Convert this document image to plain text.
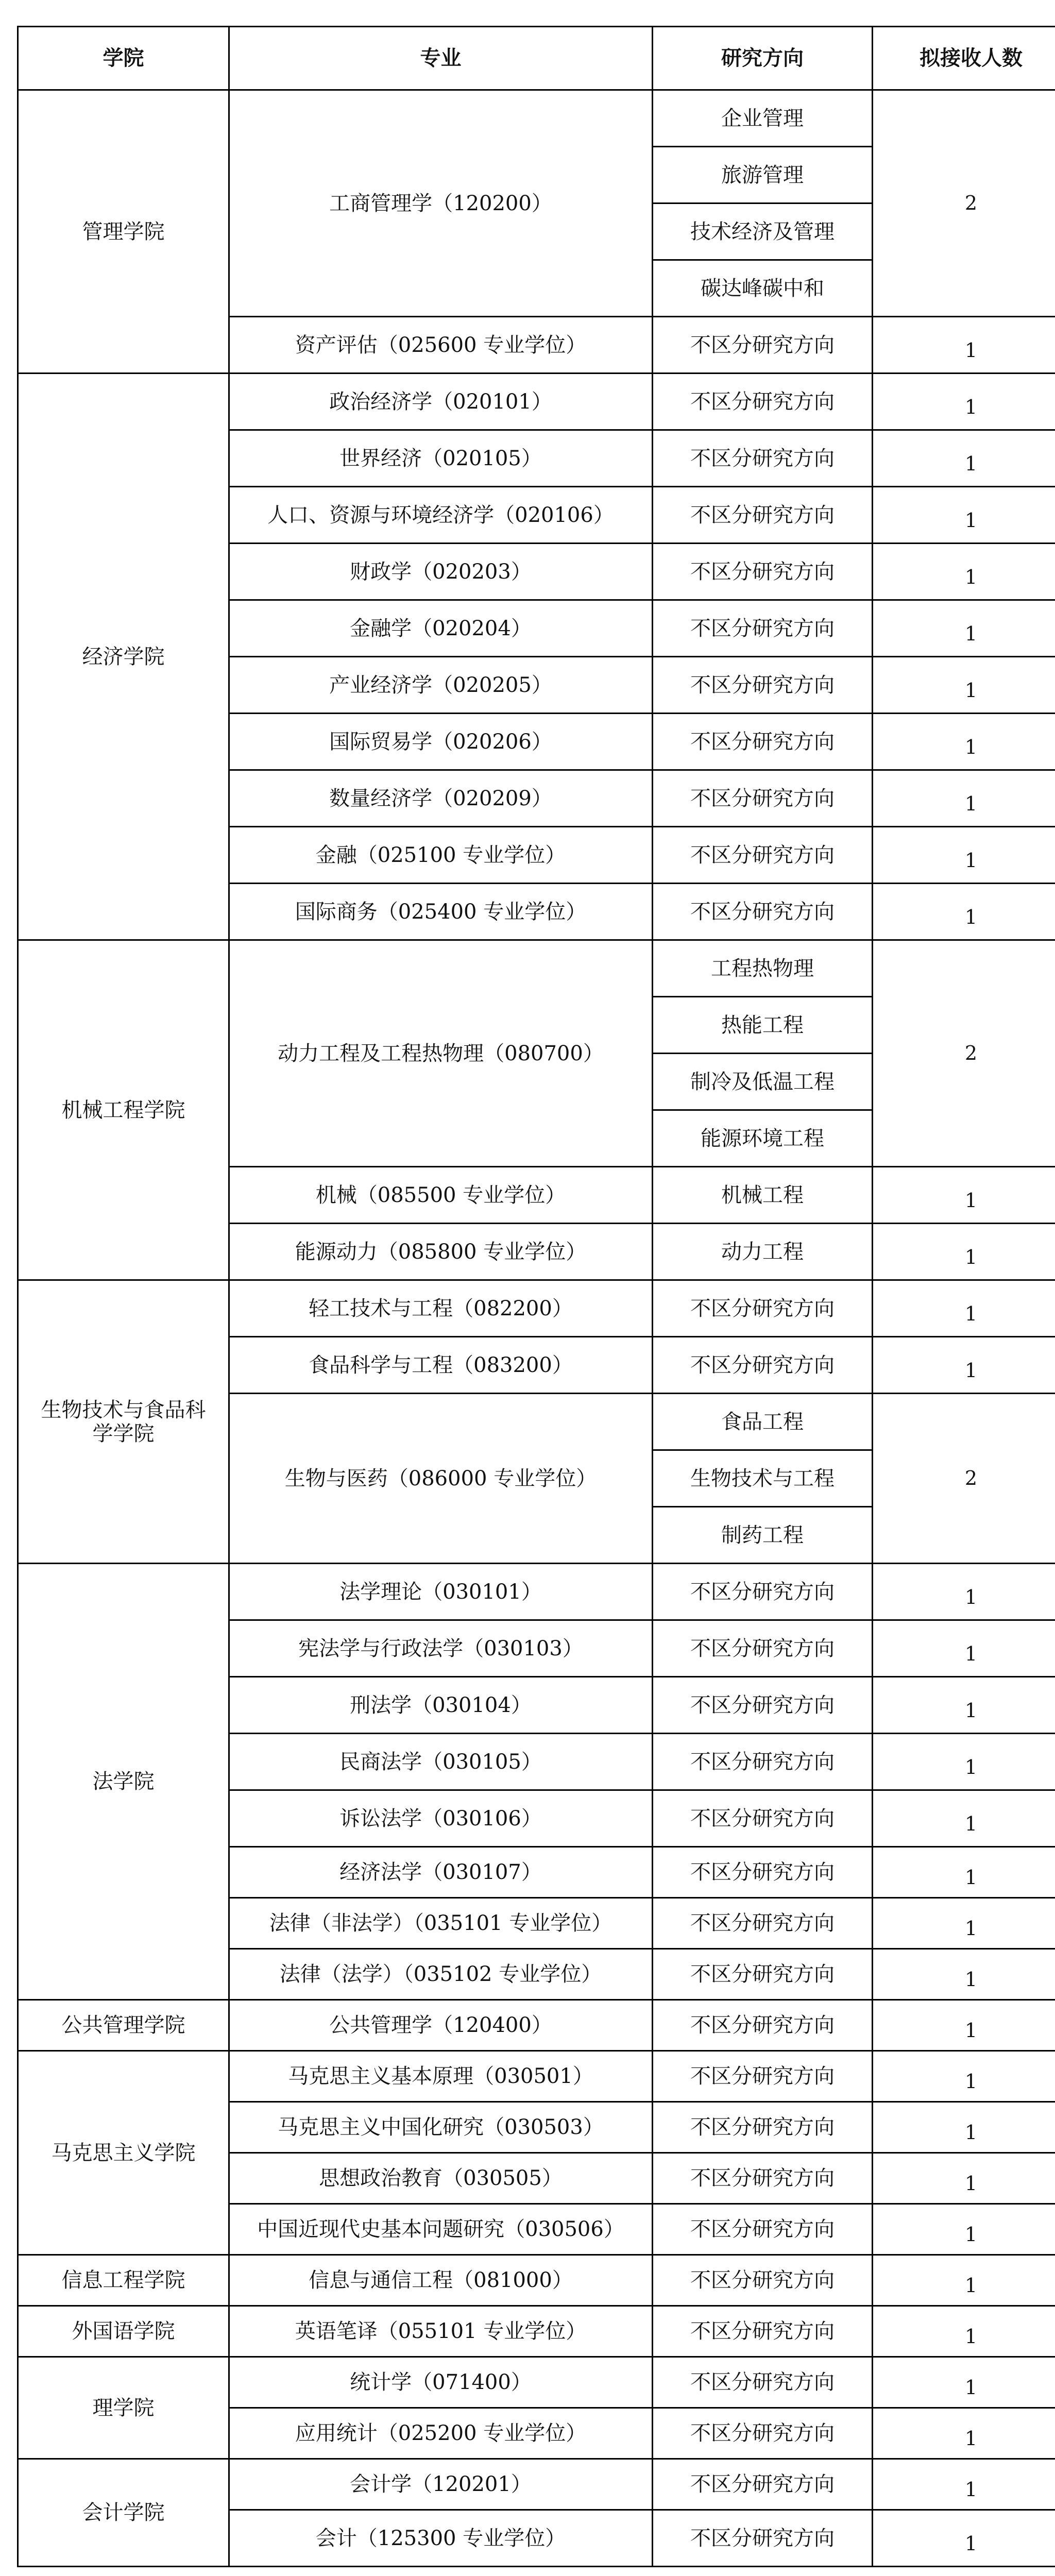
学院	专业	研究方向	拟接收人数
管理学院	工商管理学（120200）	企业管理	2
		旅游管理	
		技术经济及管理	
		碳达峰碳中和	
	资产评估（025600 专业学位）	不区分研究方向	1
经济学院	政治经济学（020101）	不区分研究方向	1
	世界经济（020105）	不区分研究方向	1
	人口、资源与环境经济学（020106）	不区分研究方向	1
	财政学（020203）	不区分研究方向	1
	金融学（020204）	不区分研究方向	1
	产业经济学（020205）	不区分研究方向	1
	国际贸易学（020206）	不区分研究方向	1
	数量经济学（020209）	不区分研究方向	1
	金融（025100 专业学位）	不区分研究方向	1
	国际商务（025400 专业学位）	不区分研究方向	1
机械工程学院	动力工程及工程热物理（080700）	工程热物理	2
		热能工程	
		制冷及低温工程	
		能源环境工程	
	机械（085500 专业学位）	机械工程	1
	能源动力（085800 专业学位）	动力工程	1
生物技术与食品科学学院	轻工技术与工程（082200）	不区分研究方向	1
	食品科学与工程（083200）	不区分研究方向	1
	生物与医药（086000 专业学位）	食品工程	2
		生物技术与工程	
		制药工程	
法学院	法学理论（030101）	不区分研究方向	1
	宪法学与行政法学（030103）	不区分研究方向	1
	刑法学（030104）	不区分研究方向	1
	民商法学（030105）	不区分研究方向	1
	诉讼法学（030106）	不区分研究方向	1
	经济法学（030107）	不区分研究方向	1
	法律（非法学）（035101 专业学位）	不区分研究方向	1
	法律（法学）（035102 专业学位）	不区分研究方向	1
公共管理学院	公共管理学（120400）	不区分研究方向	1
马克思主义学院	马克思主义基本原理（030501）	不区分研究方向	1
	马克思主义中国化研究（030503）	不区分研究方向	1
	思想政治教育（030505）	不区分研究方向	1
	中国近现代史基本问题研究（030506）	不区分研究方向	1
信息工程学院	信息与通信工程（081000）	不区分研究方向	1
外国语学院	英语笔译（055101 专业学位）	不区分研究方向	1
理学院	统计学（071400）	不区分研究方向	1
	应用统计（025200 专业学位）	不区分研究方向	1
会计学院	会计学（120201）	不区分研究方向	1
	会计（125300 专业学位）	不区分研究方向	1
